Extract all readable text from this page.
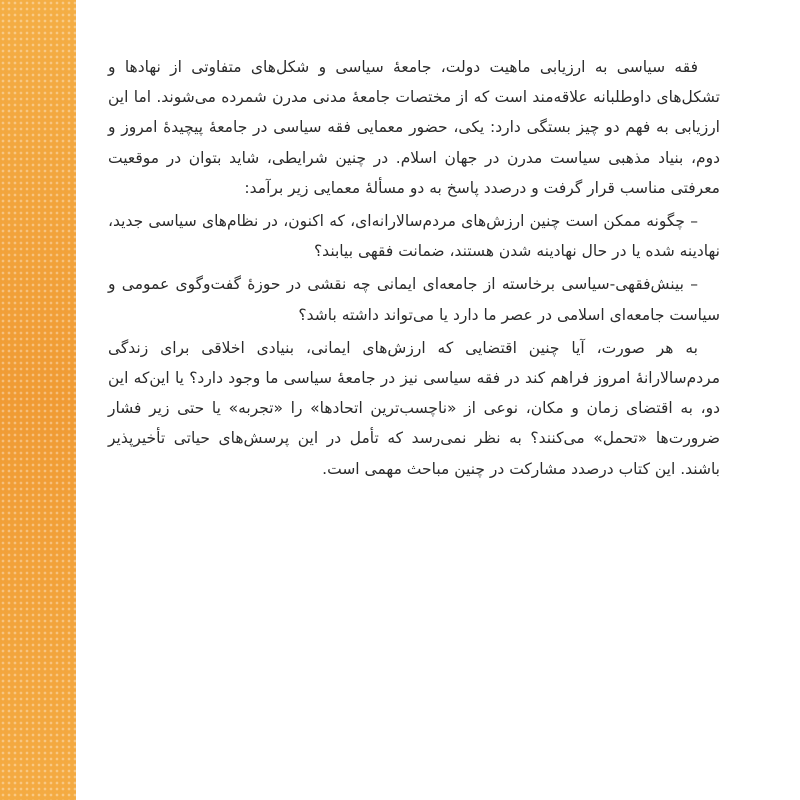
فقه سیاسی به ارزیابی ماهیت دولت، جامعهٔ سیاسی و شکل‌های متفاوتی از نهادها و تشکل‌های داوطلبانه علاقه‌مند است که از مختصات جامعهٔ مدنی مدرن شمرده می‌شوند. اما این ارزیابی به فهم دو چیز بستگی دارد: یکی، حضور معمایی فقه سیاسی در جامعهٔ پیچیدهٔ امروز و دوم، بنیاد مذهبی سیاست مدرن در جهان اسلام. در چنین شرایطی، شاید بتوان در موقعیت معرفتی مناسب قرار گرفت و درصدد پاسخ به دو مسألهٔ معمایی زیر برآمد:

– چگونه ممکن است چنین ارزش‌های مردم‌سالارانه‌ای، که اکنون، در نظام‌های سیاسی جدید، نهادینه شده یا در حال نهادینه شدن هستند، ضمانت فقهی بیابند؟

– بینش‌فقهی-سیاسی برخاسته از جامعه‌ای ایمانی چه نقشی در حوزهٔ گفت‌وگوی عمومی و سیاست جامعه‌ای اسلامی در عصر ما دارد یا می‌تواند داشته باشد؟

به هر صورت، آیا چنین اقتضایی که ارزش‌های ایمانی، بنیادی اخلاقی برای زندگی مردم‌سالارانهٔ امروز فراهم کند در فقه سیاسی نیز در جامعهٔ سیاسی ما وجود دارد؟ یا این‌که این دو، به اقتضای زمان و مکان، نوعی از «ناچسب‌ترین اتحادها» را «تجربه» یا حتی زیر فشار ضرورت‌ها «تحمل» می‌کنند؟ به نظر نمی‌رسد که تأمل در این پرسش‌های حیاتی تأخیرپذیر باشند. این کتاب درصدد مشارکت در چنین مباحث مهمی است.
